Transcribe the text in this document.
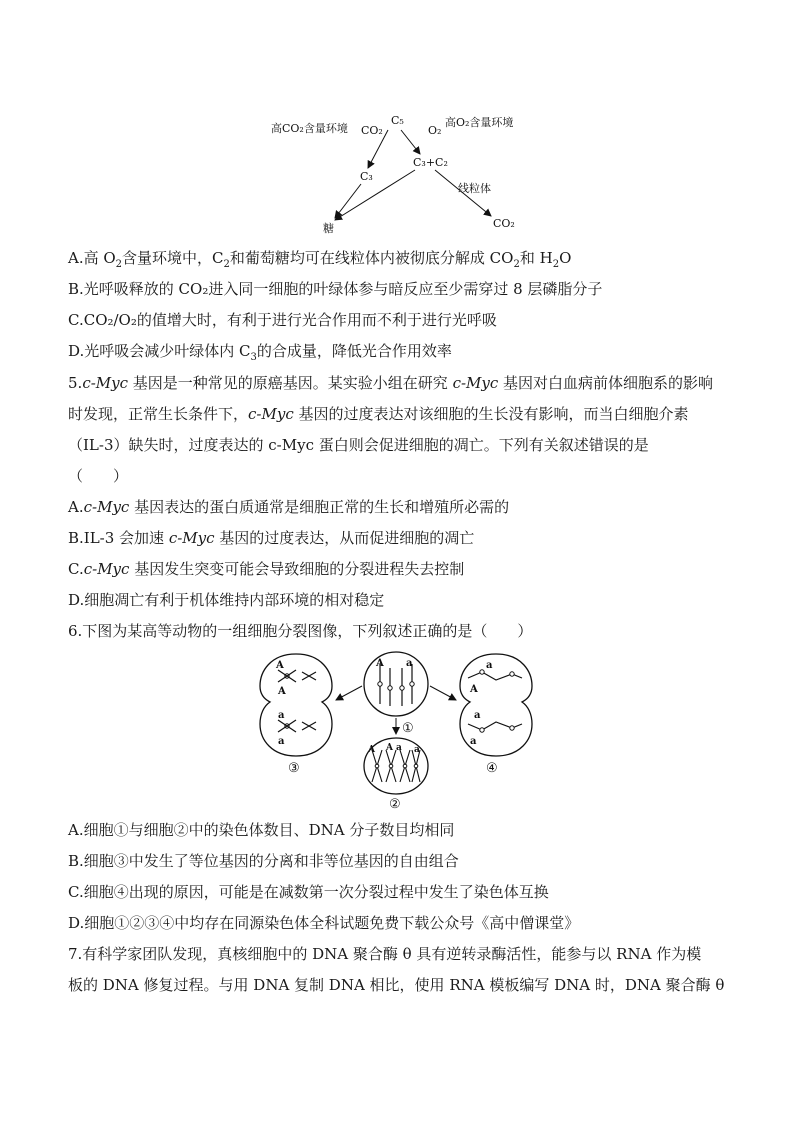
高CO₂含量环境 CO₂
C₅
O₂
高O₂含量环境
C₃+C₂
C₃
线粒体
糖	CO₂
A.高 $O_2$含量环境中，$C_2$和葡萄糖均可在线粒体内被彻底分解成 $CO_2$和 $H_2O$
B.光呼吸释放的 CO₂进入同一细胞的叶绿体参与暗反应至少需穿过 8 层磷脂分子
C.CO₂/O₂的值增大时，有利于进行光合作用而不利于进行光呼吸
D.光呼吸会减少叶绿体内 $C_3$的合成量，降低光合作用效率
5.c-Myc 基因是一种常见的原癌基因。某实验小组在研究 c-Myc 基因对白血病前体细胞系的影响
时发现，正常生长条件下，c-Myc 基因的过度表达对该细胞的生长没有影响，而当白细胞介素
（IL-3）缺失时，过度表达的 c-Myc 蛋白则会促进细胞的凋亡。下列有关叙述错误的是
（　　）
A.c-Myc 基因表达的蛋白质通常是细胞正常的生长和增殖所必需的
B.IL-3 会加速 c-Myc 基因的过度表达，从而促进细胞的凋亡
C.c-Myc 基因发生突变可能会导致细胞的分裂进程失去控制
D.细胞凋亡有利于机体维持内部环境的相对稳定
6.下图为某高等动物的一组细胞分裂图像，下列叙述正确的是（　　）
A
A
a
a
③
A a
①
a
A
a
a
④
A A a a
②
A.细胞①与细胞②中的染色体数目、DNA 分子数目均相同
B.细胞③中发生了等位基因的分离和非等位基因的自由组合
C.细胞④出现的原因，可能是在减数第一次分裂过程中发生了染色体互换
D.细胞①②③④中均存在同源染色体全科试题免费下载公众号《高中僧课堂》
7.有科学家团队发现，真核细胞中的 DNA 聚合酶 θ 具有逆转录酶活性，能参与以 RNA 作为模
板的 DNA 修复过程。与用 DNA 复制 DNA 相比，使用 RNA 模板编写 DNA 时，DNA 聚合酶 θ
